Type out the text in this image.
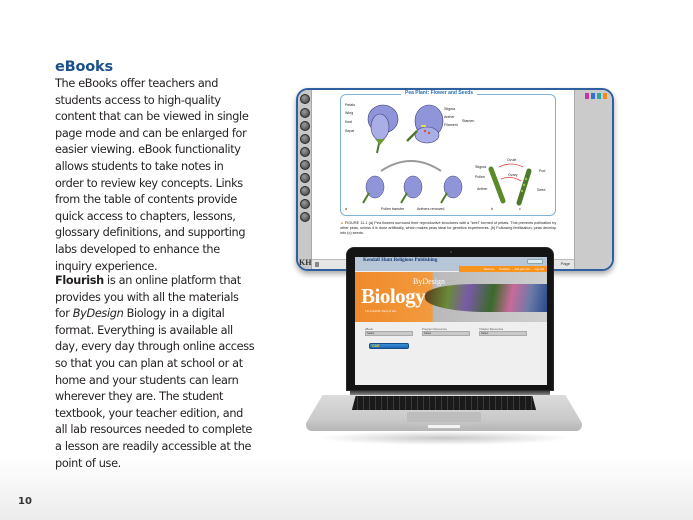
eBooks

The eBooks offer teachers and students access to high-quality content that can be viewed in single page mode and can be enlarged for easier viewing. eBook functionality allows students to take notes in order to review key concepts. Links from the table of contents provide quick access to chapters, lessons, glossary definitions, and supporting labs developed to enhance the inquiry experience.

Flourish is an online platform that provides you with all the materials for ByDesign Biology in a digital format. Everything is available all day, every day through online access so that you can plan at school or at home and your students can learn wherever they are. The student textbook, your teacher edition, and all lab resources needed to complete a lesson are readily accessible at the point of use.

10
KH
Pea Plant: Flower and Seeds
Petals
Wing
Keel
Sepal
Stigma
Anther
Filament
Stamen
Pollen transfer	Anthers removed
Stigma
Pollen
Anther
Ovule
Ovary
Pod
Seed
a	b	c
▲ FIGURE 11-1 (a) Pea flowers surround their reproductive structures with a "keel" formed of petals. This prevents pollination by other peas, unless it is done artificially, which makes peas ideal for genetics experiments. (b) Following fertilization, peas develop into (c) seeds.
Page
Kendall Hunt Religious Publishing
Welcome Products Edit your info Log Out
ByDesign
Biology
The Scientific Study of Life
eBook
Select
Program Resources
Select
Chapter Resources
Select
CAS
